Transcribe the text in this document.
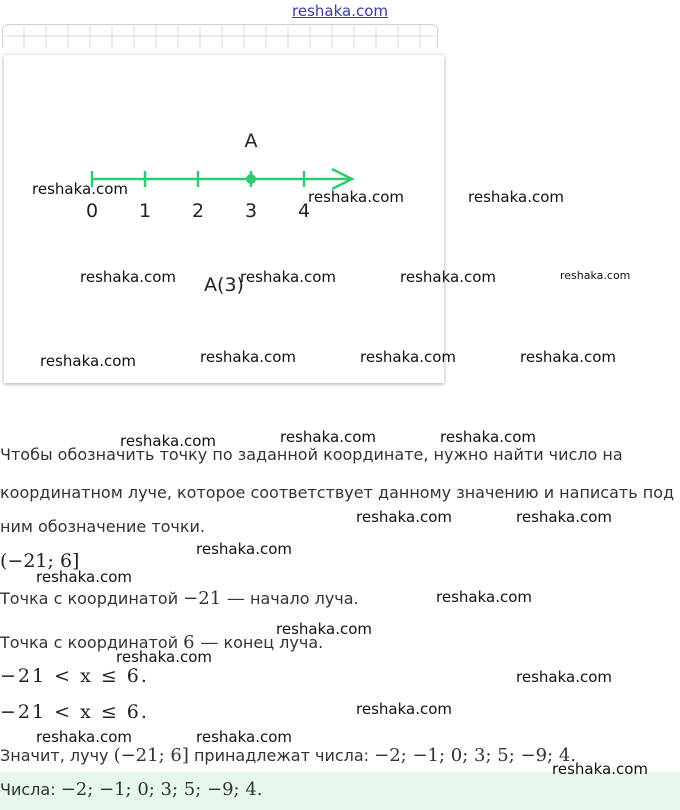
reshaka.com
A
0 1 2 3 4
A(3)
Чтобы обозначить точку по заданной координате, нужно найти число на
координатном луче, которое соответствует данному значению и написать под
ним обозначение точки.
(−21; 6]
Точка с координатой −21 — начало луча.
Точка с координатой 6 — конец луча.
−21 < x ≤ 6.
−21 < x ≤ 6.
Значит, лучу (−21; 6] принадлежат числа: −2; −1; 0; 3; 5; −9; 4.
Числа: −2; −1; 0; 3; 5; −9; 4.
reshaka.com	reshaka.com	reshaka.com
reshaka.com	reshaka.com	reshaka.com	reshaka.com
reshaka.com	reshaka.com	reshaka.com	reshaka.com
reshaka.com	reshaka.com	reshaka.com
reshaka.com	reshaka.com
reshaka.com
reshaka.com
reshaka.com
reshaka.com
reshaka.com
reshaka.com
reshaka.com
reshaka.com	reshaka.com
reshaka.com
